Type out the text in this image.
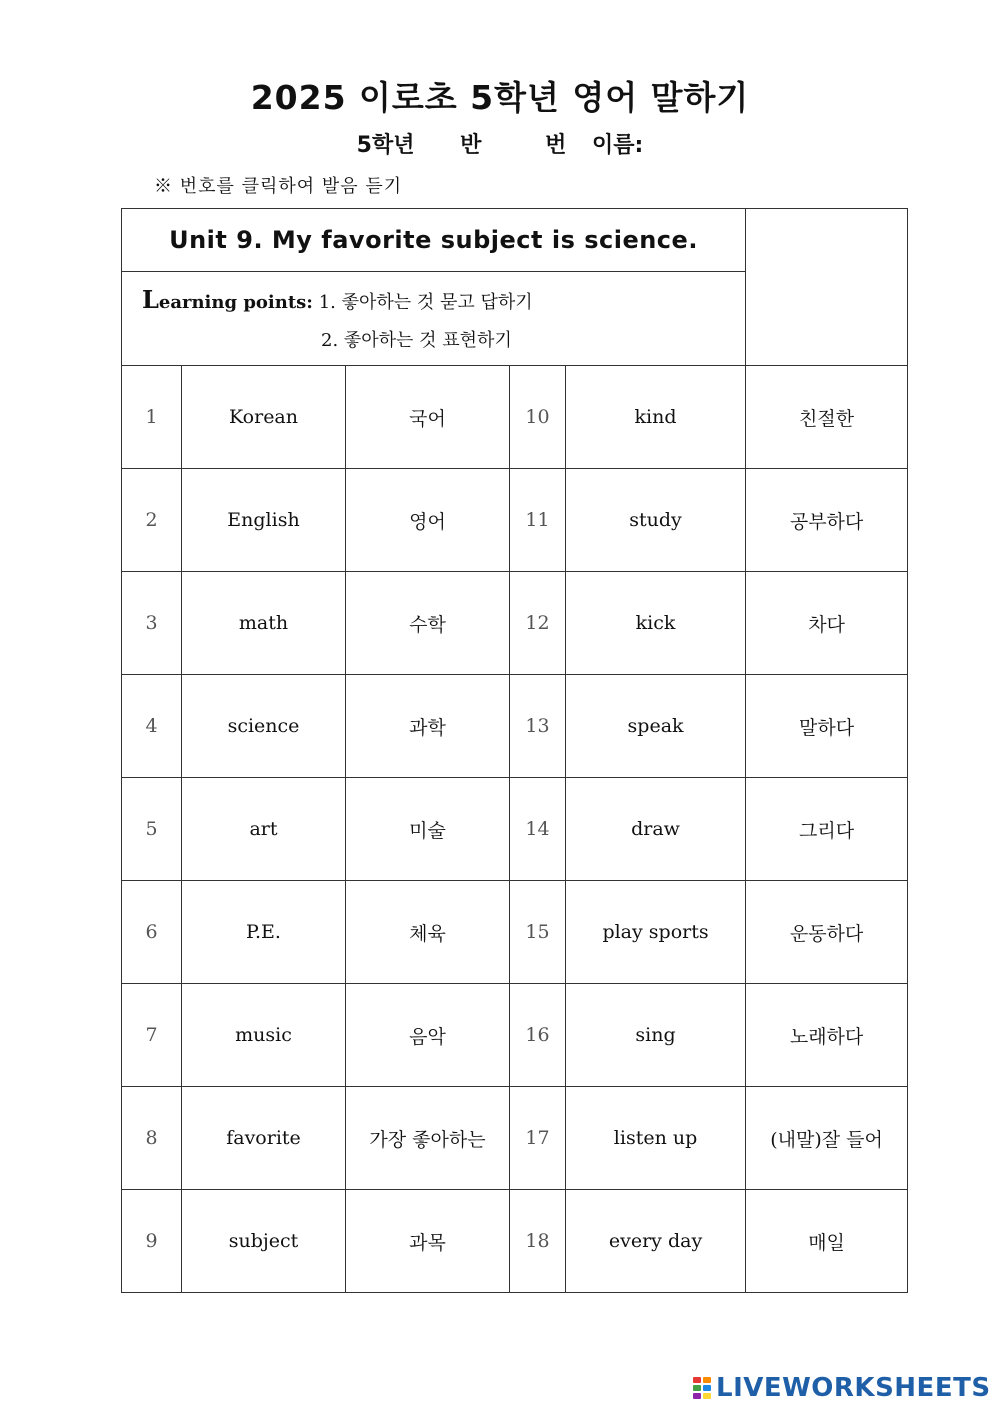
2025 이로초 5학년 영어 말하기
5학년 반	번 이름:
※ 번호를 클릭하여 발음 듣기
Unit 9. My favorite subject is science.					

Learning points: 1. 좋아하는 것 묻고 답하기
2. 좋아하는 것 표현하기					

1	Korean	국어	10	kind	친절한
2	English	영어	11	study	공부하다
3	math	수학	12	kick	차다
4	science	과학	13	speak	말하다
5	art	미술	14	draw	그리다
6	P.E.	체육	15	play sports	운동하다
7	music	음악	16	sing	노래하다
8	favorite	가장 좋아하는	17	listen up	(내말)잘 들어
9	subject	과목	18	every day	매일
LIVEWORKSHEETS
